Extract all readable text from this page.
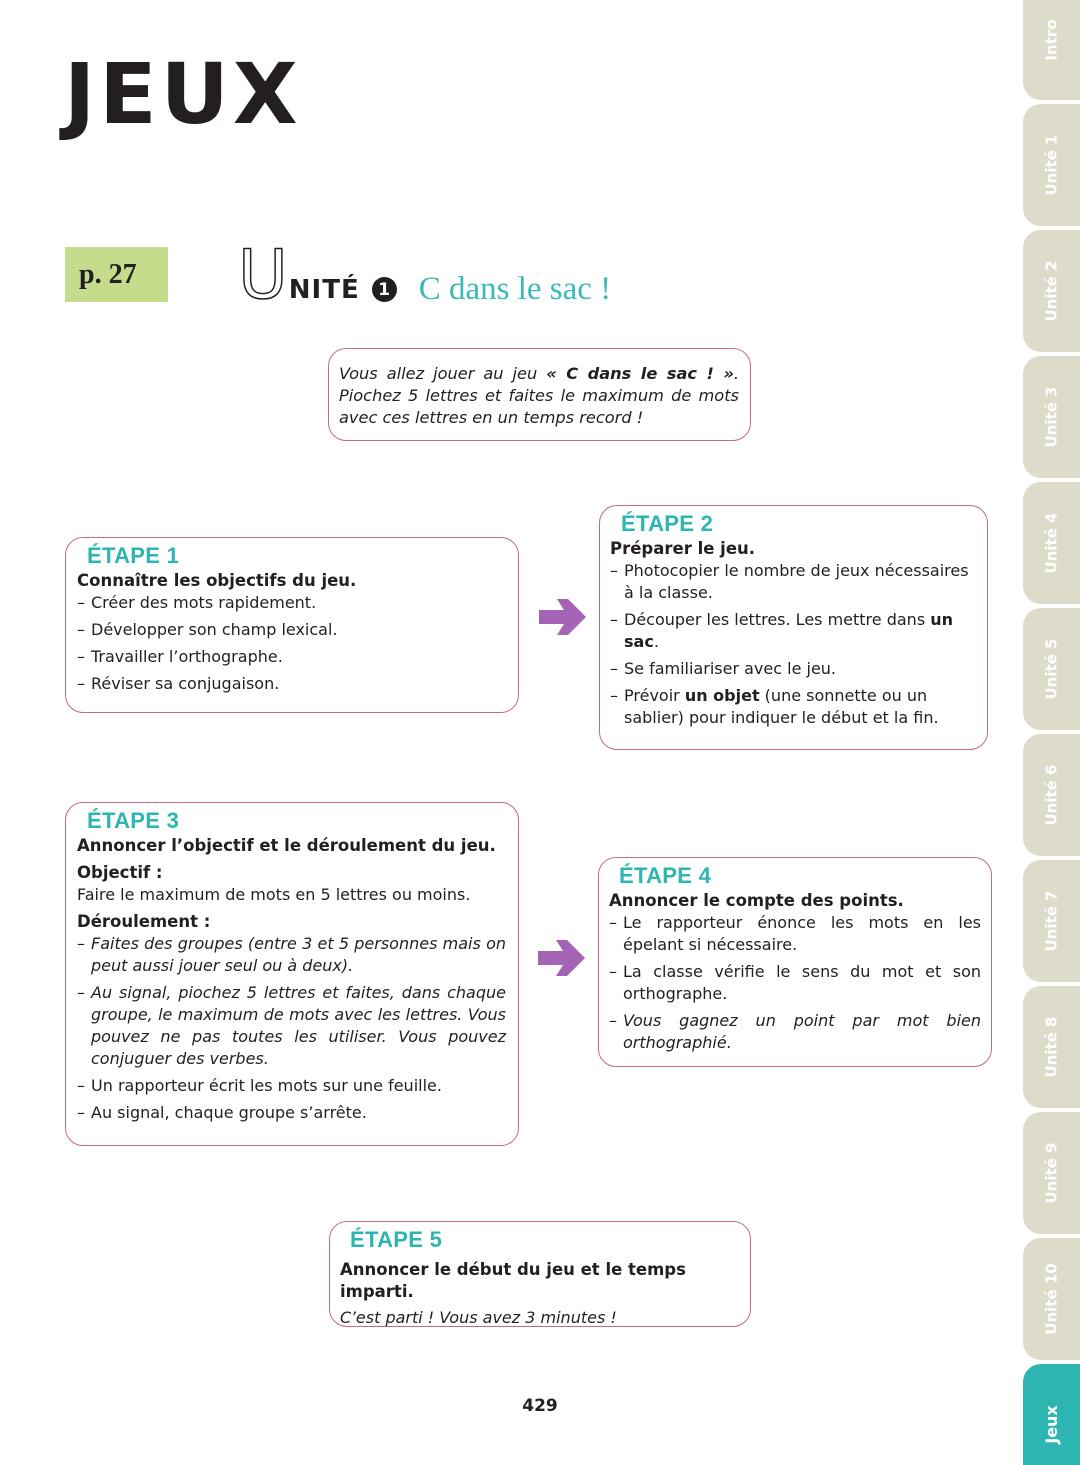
JEUX
p. 27 U NITÉ	1 C dans le sac !

Vous allez jouer au jeu « C dans le sac ! ». Piochez 5 lettres et faites le maximum de mots avec ces lettres en un temps record !

ÉTAPE 1
Connaître les objectifs du jeu.
– Créer des mots rapidement.
– Développer son champ lexical.
– Travailler l’orthographe.
– Réviser sa conjugaison.
ÉTAPE 2
Préparer le jeu.
– Photocopier le nombre de jeux nécessaires à la classe.
– Découper les lettres. Les mettre dans un sac.
– Se familiariser avec le jeu.
– Prévoir un objet (une sonnette ou un sablier) pour indiquer le début et la fin.
ÉTAPE 3
Annoncer l’objectif et le déroulement du jeu.
Objectif :
Faire le maximum de mots en 5 lettres ou moins.
Déroulement :
– Faites des groupes (entre 3 et 5 personnes mais on peut aussi jouer seul ou à deux).
– Au signal, piochez 5 lettres et faites, dans chaque groupe, le maximum de mots avec les lettres. Vous pouvez ne pas toutes les utiliser. Vous pouvez conjuguer des verbes.
– Un rapporteur écrit les mots sur une feuille.
– Au signal, chaque groupe s’arrête.
ÉTAPE 4
Annoncer le compte des points.
– Le rapporteur énonce les mots en les épelant si nécessaire.
– La classe vérifie le sens du mot et son orthographe.
– Vous gagnez un point par mot bien orthographié.
ÉTAPE 5
Annoncer le début du jeu et le temps imparti.
C’est parti ! Vous avez 3 minutes !
429
Intro
Unité 1
Unité 2
Unité 3
Unité 4
Unité 5
Unité 6
Unité 7
Unité 8
Unité 9
Unité 10
Jeux
